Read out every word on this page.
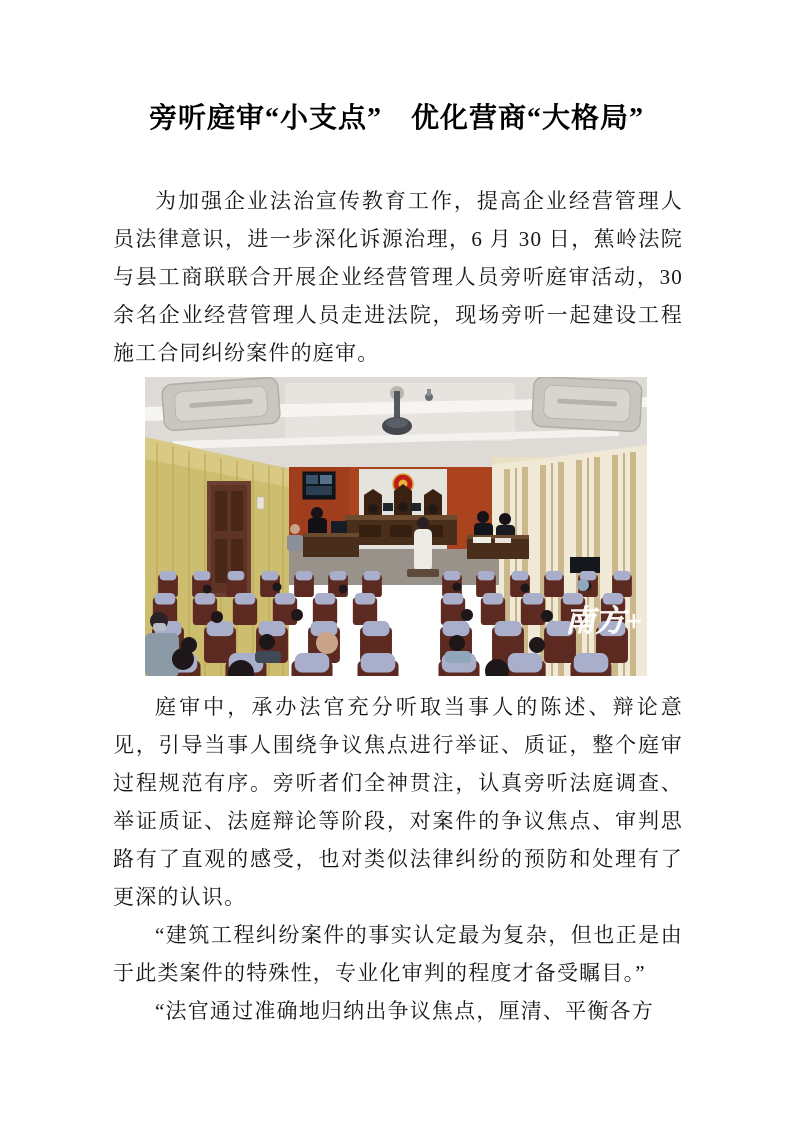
旁听庭审“小支点”　优化营商“大格局”

为加强企业法治宣传教育工作，提高企业经营管理人员法律意识，进一步深化诉源治理，6 月 30 日，蕉岭法院与县工商联联合开展企业经营管理人员旁听庭审活动，30 余名企业经营管理人员走进法院，现场旁听一起建设工程施工合同纠纷案件的庭审。

南方+

庭审中，承办法官充分听取当事人的陈述、辩论意见，引导当事人围绕争议焦点进行举证、质证，整个庭审过程规范有序。旁听者们全神贯注，认真旁听法庭调查、举证质证、法庭辩论等阶段，对案件的争议焦点、审判思路有了直观的感受，也对类似法律纠纷的预防和处理有了更深的认识。

“建筑工程纠纷案件的事实认定最为复杂，但也正是由于此类案件的特殊性，专业化审判的程度才备受瞩目。”

“法官通过准确地归纳出争议焦点，厘清、平衡各方
